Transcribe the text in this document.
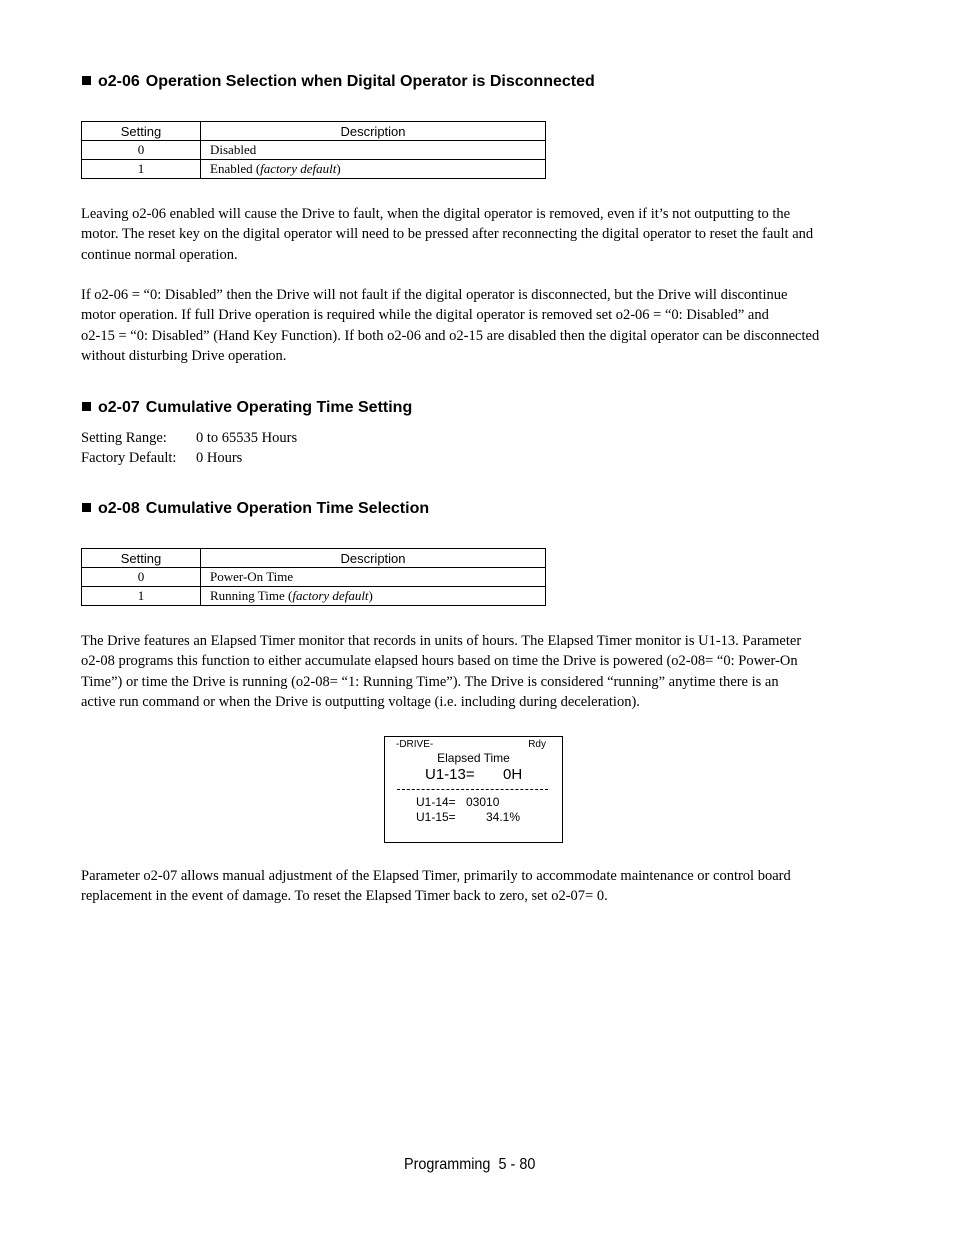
o2-06 Operation Selection when Digital Operator is Disconnected
Setting	Description
0	Disabled
1	Enabled (factory default)

Leaving o2-06 enabled will cause the Drive to fault, when the digital operator is removed, even if it’s not outputting to the
motor. The reset key on the digital operator will need to be pressed after reconnecting the digital operator to reset the fault and
continue normal operation.

If o2-06 = “0: Disabled” then the Drive will not fault if the digital operator is disconnected, but the Drive will discontinue
motor operation. If full Drive operation is required while the digital operator is removed set o2-06 = “0: Disabled” and
o2-15 = “0: Disabled” (Hand Key Function). If both o2-06 and o2-15 are disabled then the digital operator can be disconnected
without disturbing Drive operation.

o2-07 Cumulative Operating Time Setting
Setting Range: 0 to 65535 Hours
Factory Default: 0 Hours
o2-08 Cumulative Operation Time Selection
Setting	Description
0	Power-On Time
1	Running Time (factory default)

The Drive features an Elapsed Timer monitor that records in units of hours. The Elapsed Timer monitor is U1-13. Parameter
o2-08 programs this function to either accumulate elapsed hours based on time the Drive is powered (o2-08= “0: Power-On
Time”) or time the Drive is running (o2-08= “1: Running Time”). The Drive is considered “running” anytime there is an
active run command or when the Drive is outputting voltage (i.e. including during deceleration).

-DRIVE-	Rdy
Elapsed Time
U1-13= 0H
U1-14= 03010
U1-15=	34.1%

Parameter o2-07 allows manual adjustment of the Elapsed Timer, primarily to accommodate maintenance or control board
replacement in the event of damage. To reset the Elapsed Timer back to zero, set o2-07= 0.

Programming 5 - 80
